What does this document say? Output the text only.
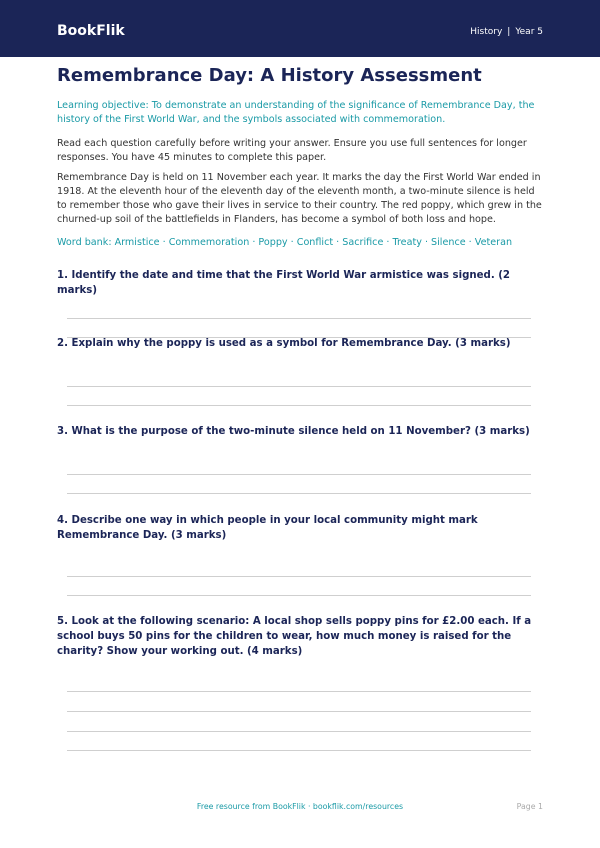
BookFlik	History | Year 5
Remembrance Day: A History Assessment
Learning objective: To demonstrate an understanding of the significance of Remembrance Day, the history of the First World War, and the symbols associated with commemoration.
Read each question carefully before writing your answer. Ensure you use full sentences for longer responses. You have 45 minutes to complete this paper.
Remembrance Day is held on 11 November each year. It marks the day the First World War ended in 1918. At the eleventh hour of the eleventh day of the eleventh month, a two-minute silence is held to remember those who gave their lives in service to their country. The red poppy, which grew in the churned-up soil of the battlefields in Flanders, has become a symbol of both loss and hope.
Word bank: Armistice · Commemoration · Poppy · Conflict · Sacrifice · Treaty · Silence · Veteran
1. Identify the date and time that the First World War armistice was signed. (2 marks)
2. Explain why the poppy is used as a symbol for Remembrance Day. (3 marks)
3. What is the purpose of the two-minute silence held on 11 November? (3 marks)
4. Describe one way in which people in your local community might mark Remembrance Day. (3 marks)
5. Look at the following scenario: A local shop sells poppy pins for £2.00 each. If a school buys 50 pins for the children to wear, how much money is raised for the charity? Show your working out. (4 marks)
Free resource from BookFlik · bookflik.com/resources	Page 1
